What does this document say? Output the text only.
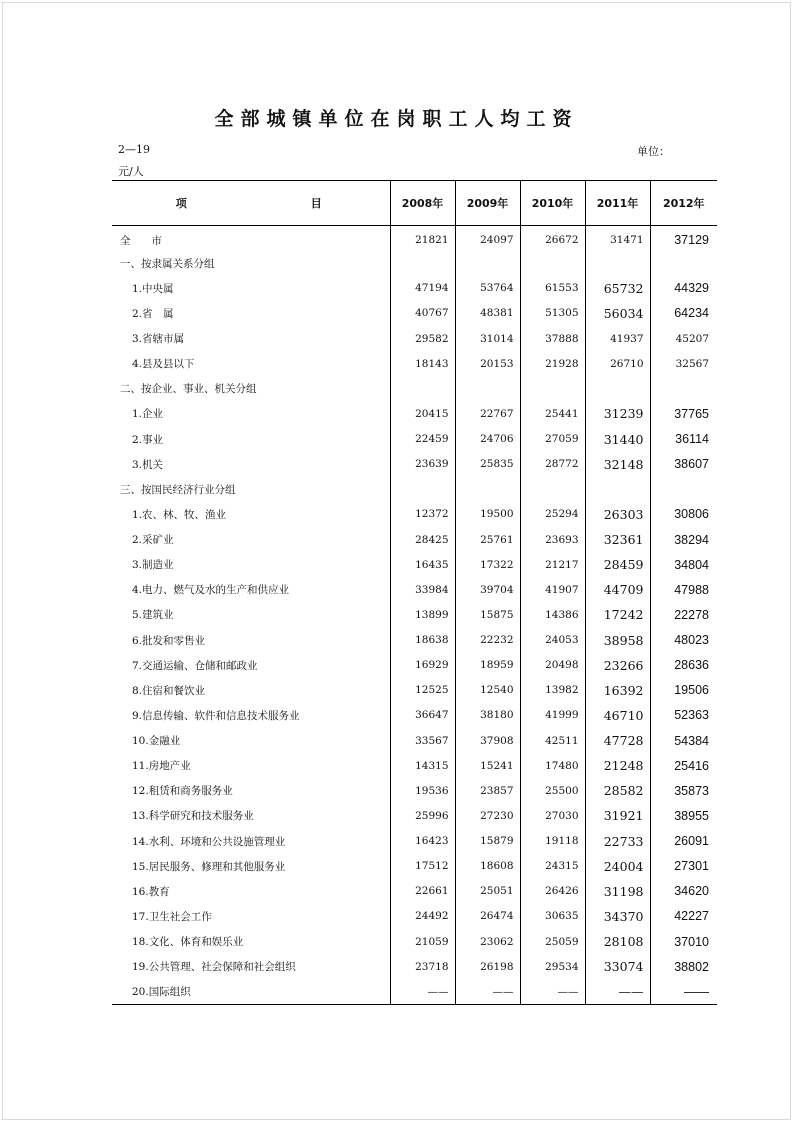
全部城镇单位在岗职工人均工资
2—19	单位：
元/人
项　　目	2008年	2009年	2010年	2011年	2012年
全　　市	21821	24097	26672	31471	37129
一、按隶属关系分组					
1.中央属	47194	53764	61553	65732	44329
2.省　属	40767	48381	51305	56034	64234
3.省辖市属	29582	31014	37888	41937	45207
4.县及县以下	18143	20153	21928	26710	32567
二、按企业、事业、机关分组					
1.企业	20415	22767	25441	31239	37765
2.事业	22459	24706	27059	31440	36114
3.机关	23639	25835	28772	32148	38607
三、按国民经济行业分组					
1.农、林、牧、渔业	12372	19500	25294	26303	30806
2.采矿业	28425	25761	23693	32361	38294
3.制造业	16435	17322	21217	28459	34804
4.电力、燃气及水的生产和供应业	33984	39704	41907	44709	47988
5.建筑业	13899	15875	14386	17242	22278
6.批发和零售业	18638	22232	24053	38958	48023
7.交通运输、仓储和邮政业	16929	18959	20498	23266	28636
8.住宿和餐饮业	12525	12540	13982	16392	19506
9.信息传输、软件和信息技术服务业	36647	38180	41999	46710	52363
10.金融业	33567	37908	42511	47728	54384
11.房地产业	14315	15241	17480	21248	25416
12.租赁和商务服务业	19536	23857	25500	28582	35873
13.科学研究和技术服务业	25996	27230	27030	31921	38955
14.水利、环境和公共设施管理业	16423	15879	19118	22733	26091
15.居民服务、修理和其他服务业	17512	18608	24315	24004	27301
16.教育	22661	25051	26426	31198	34620
17.卫生社会工作	24492	26474	30635	34370	42227
18.文化、体育和娱乐业	21059	23062	25059	28108	37010
19.公共管理、社会保障和社会组织	23718	26198	29534	33074	38802
20.国际组织	——	——	——	——	——
